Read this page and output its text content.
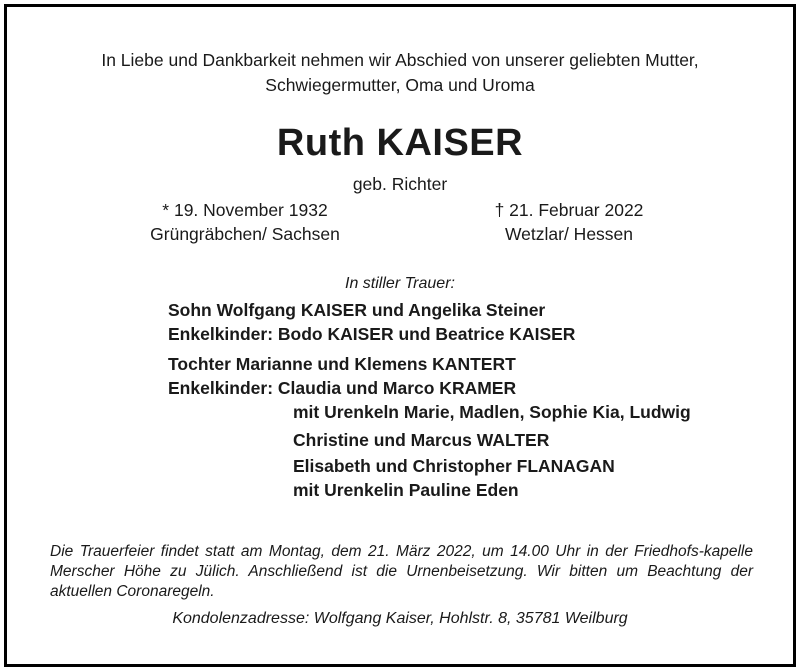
In Liebe und Dankbarkeit nehmen wir Abschied von unserer geliebten Mutter,
Schwiegermutter, Oma und Uroma
Ruth KAISER
geb. Richter
* 19. November 1932
Grüngräbchen/ Sachsen
† 21. Februar 2022
Wetzlar/ Hessen
In stiller Trauer:
Sohn Wolfgang KAISER und Angelika Steiner
Enkelkinder: Bodo KAISER und Beatrice KAISER
Tochter Marianne und Klemens KANTERT
Enkelkinder: Claudia und Marco KRAMER
mit Urenkeln Marie, Madlen, Sophie Kia, Ludwig
Christine und Marcus WALTER
Elisabeth und Christopher FLANAGAN
mit Urenkelin Pauline Eden
Die Trauerfeier findet statt am Montag, dem 21. März 2022, um 14.00 Uhr in der Friedhofs-kapelle Merscher Höhe zu Jülich. Anschließend ist die Urnenbeisetzung. Wir bitten um Beachtung der aktuellen Coronaregeln.
Kondolenzadresse: Wolfgang Kaiser, Hohlstr. 8, 35781 Weilburg
